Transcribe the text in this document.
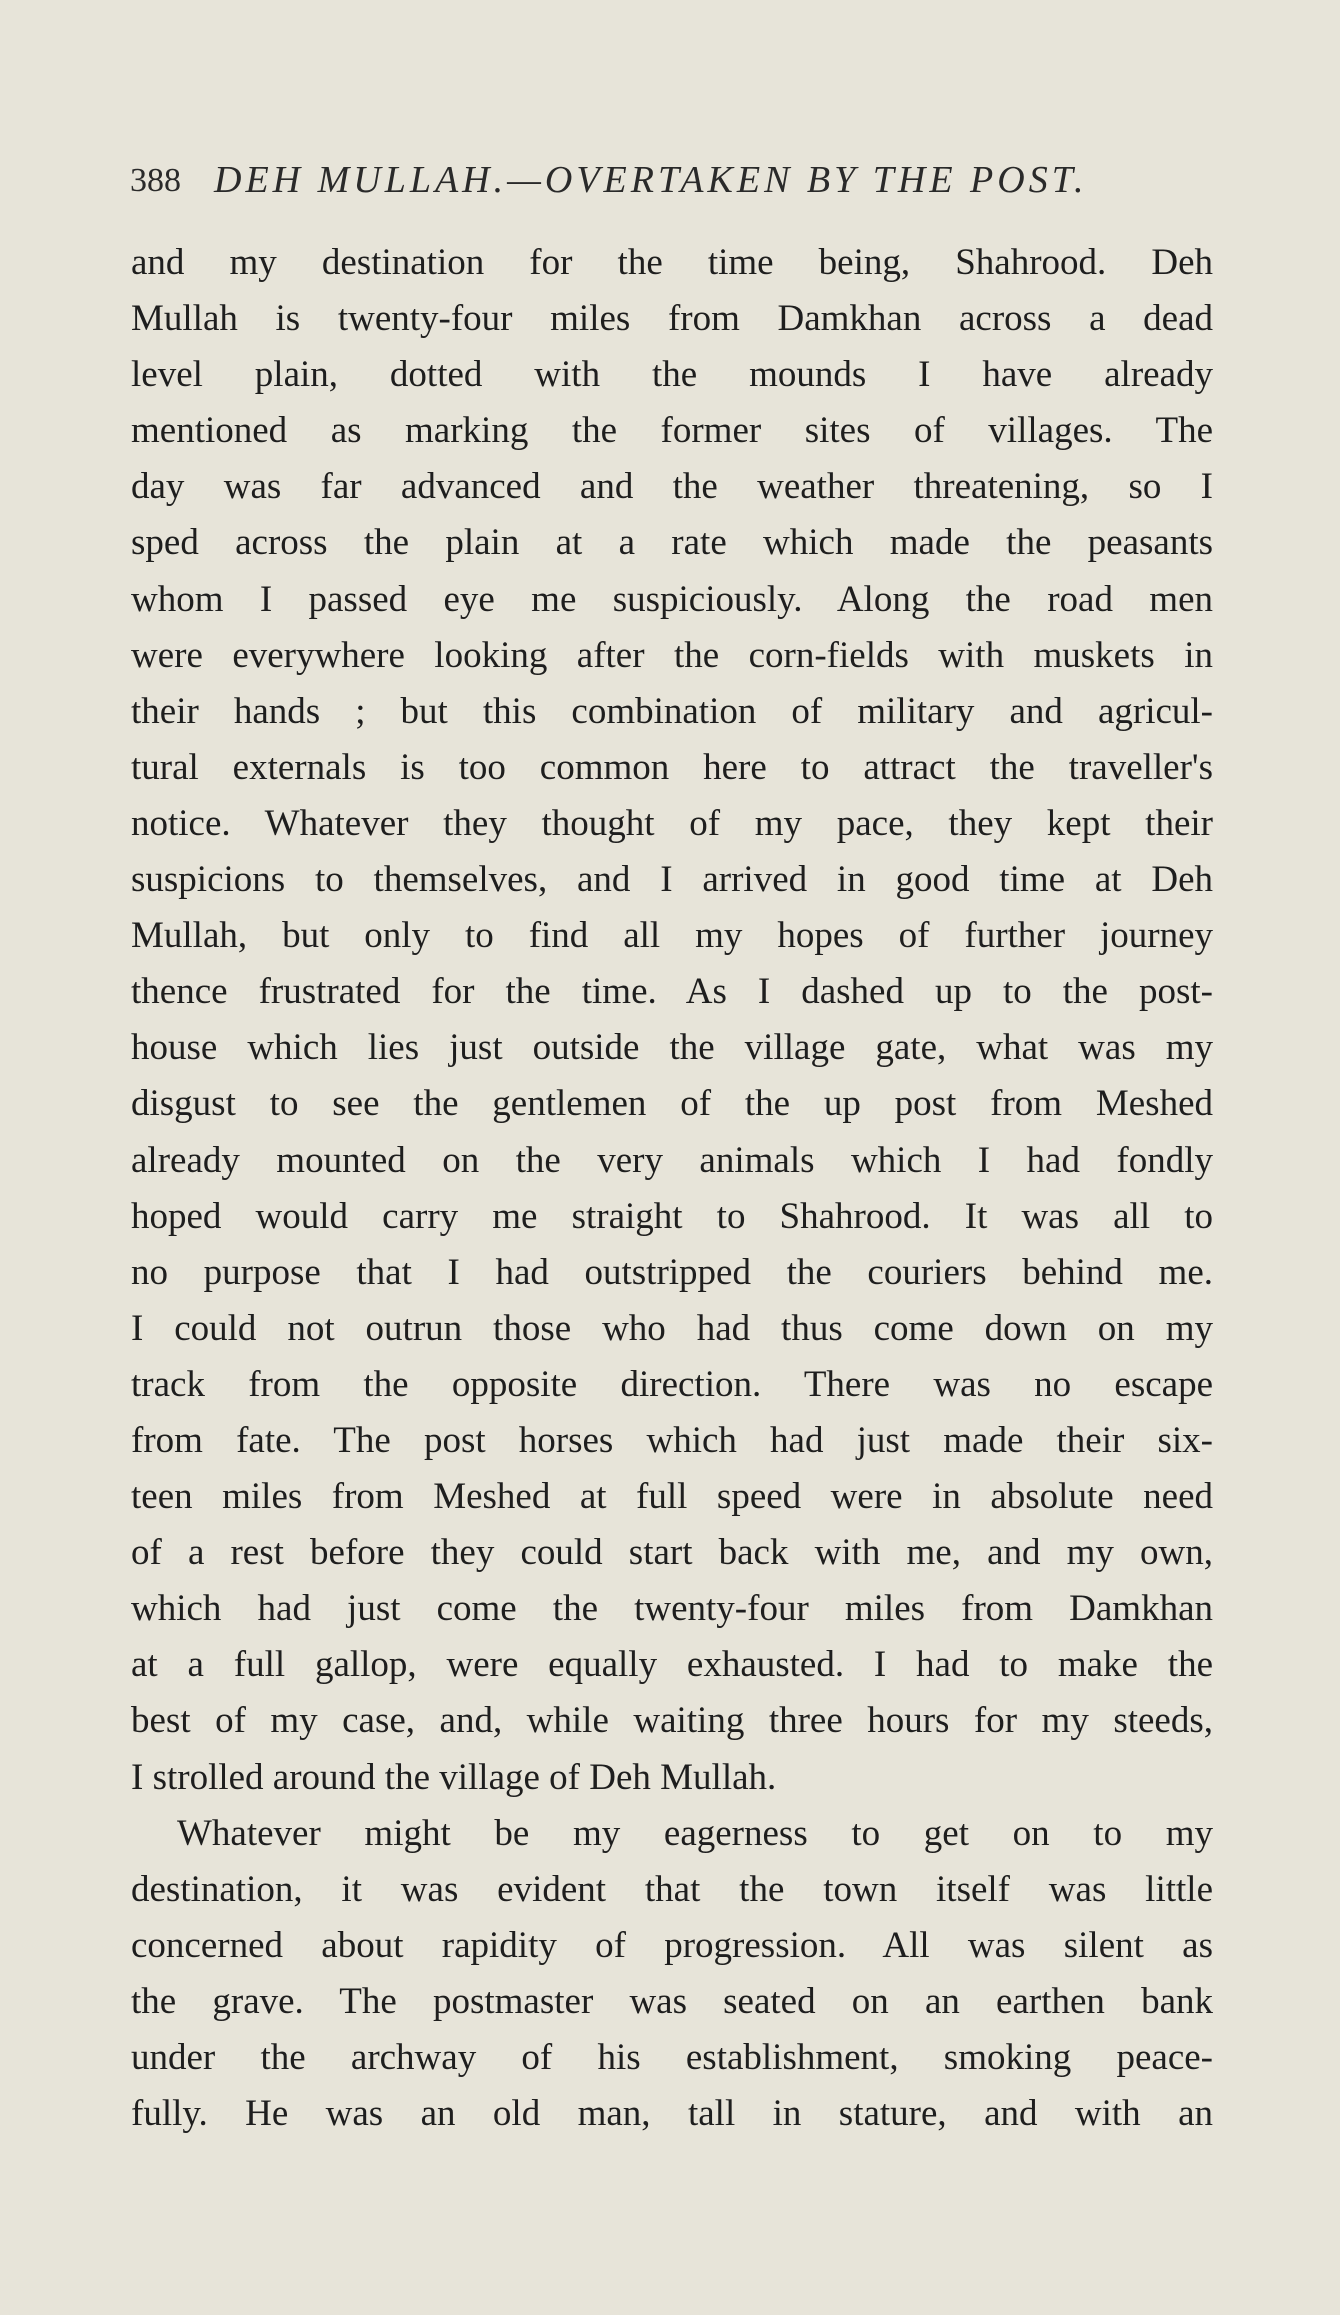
388 DEH MULLAH.—OVERTAKEN BY THE POST.
and my destination for the time being, Shahrood. Deh
Mullah is twenty-four miles from Damkhan across a dead
level plain, dotted with the mounds I have already
mentioned as marking the former sites of villages. The
day was far advanced and the weather threatening, so I
sped across the plain at a rate which made the peasants
whom I passed eye me suspiciously. Along the road men
were everywhere looking after the corn-fields with muskets in
their hands ; but this combination of military and agricul-
tural externals is too common here to attract the traveller's
notice. Whatever they thought of my pace, they kept their
suspicions to themselves, and I arrived in good time at Deh
Mullah, but only to find all my hopes of further journey
thence frustrated for the time. As I dashed up to the post-
house which lies just outside the village gate, what was my
disgust to see the gentlemen of the up post from Meshed
already mounted on the very animals which I had fondly
hoped would carry me straight to Shahrood. It was all to
no purpose that I had outstripped the couriers behind me.
I could not outrun those who had thus come down on my
track from the opposite direction. There was no escape
from fate. The post horses which had just made their six-
teen miles from Meshed at full speed were in absolute need
of a rest before they could start back with me, and my own,
which had just come the twenty-four miles from Damkhan
at a full gallop, were equally exhausted. I had to make the
best of my case, and, while waiting three hours for my steeds,
I strolled around the village of Deh Mullah.
Whatever might be my eagerness to get on to my
destination, it was evident that the town itself was little
concerned about rapidity of progression. All was silent as
the grave. The postmaster was seated on an earthen bank
under the archway of his establishment, smoking peace-
fully. He was an old man, tall in stature, and with an
